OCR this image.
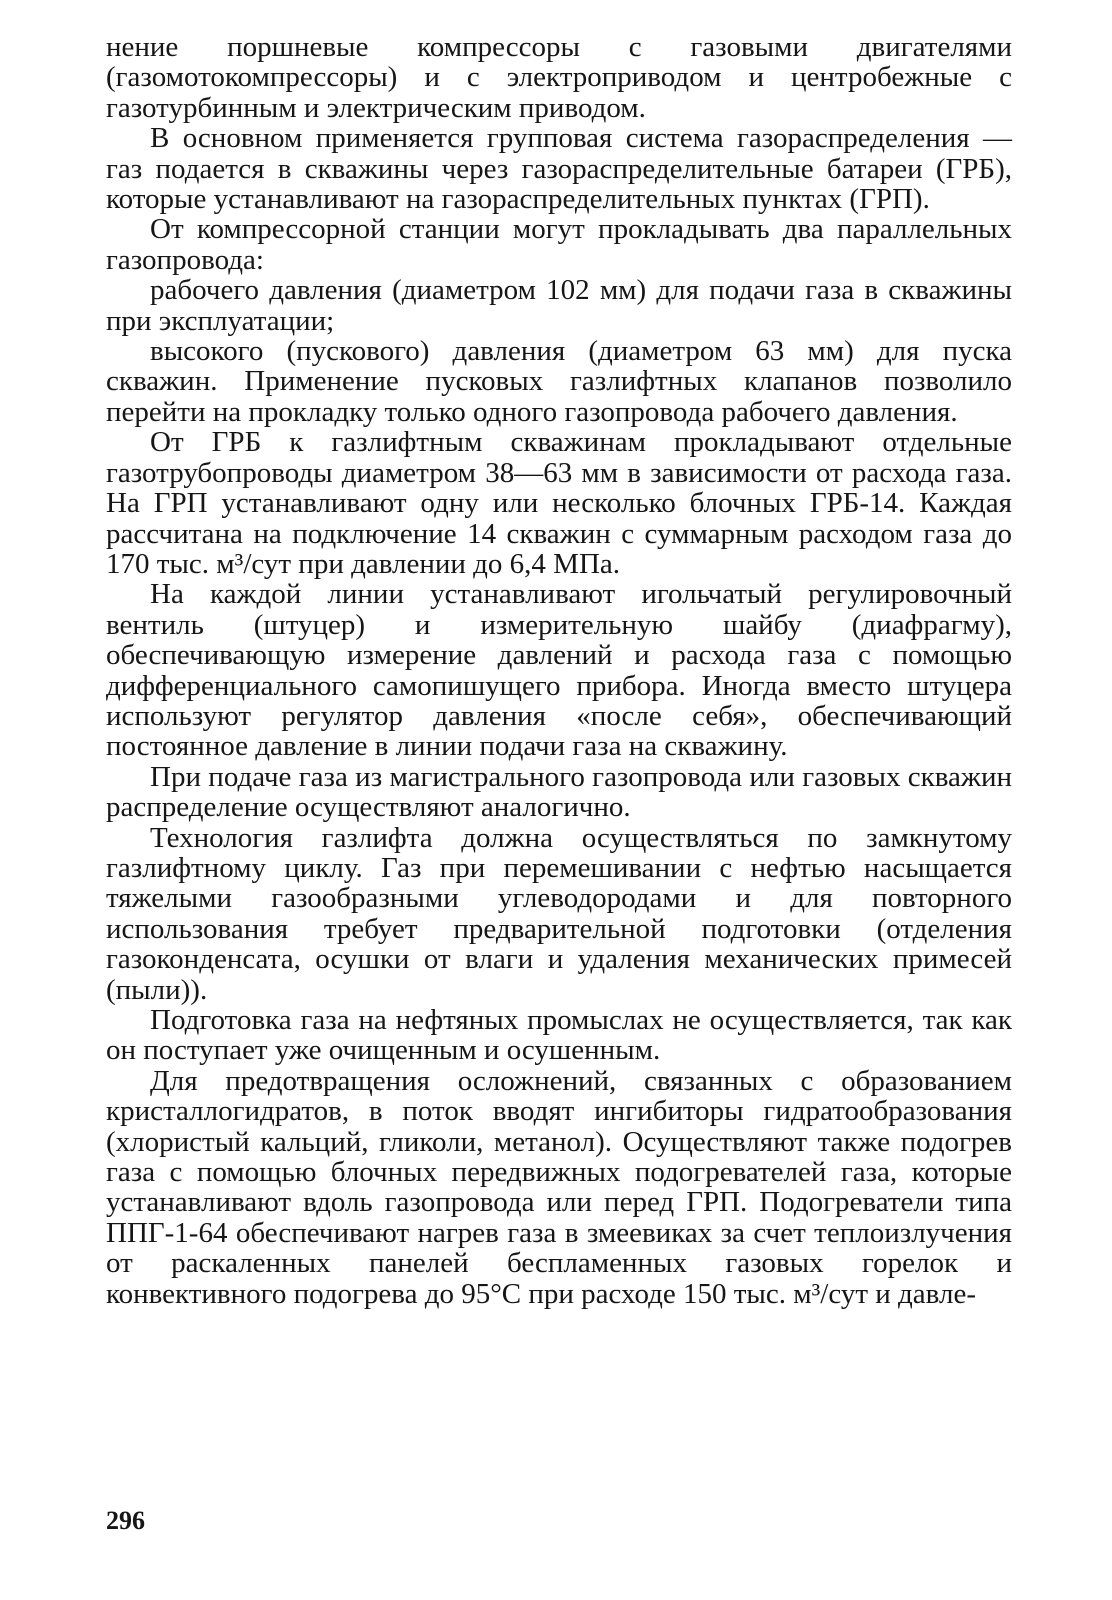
нение поршневые компрессоры с газовыми двигателями (газомотокомпрессоры) и с электроприводом и центробежные с газотурбинным и электрическим приводом.

В основном применяется групповая система газораспределения — газ подается в скважины через газораспределительные батареи (ГРБ), которые устанавливают на газораспределительных пунктах (ГРП).

От компрессорной станции могут прокладывать два параллельных газопровода:

рабочего давления (диаметром 102 мм) для подачи газа в скважины при эксплуатации;

высокого (пускового) давления (диаметром 63 мм) для пуска скважин. Применение пусковых газлифтных клапанов позволило перейти на прокладку только одного газопровода рабочего давления.

От ГРБ к газлифтным скважинам прокладывают отдельные газотрубопроводы диаметром 38—63 мм в зависимости от расхода газа. На ГРП устанавливают одну или несколько блочных ГРБ-14. Каждая рассчитана на подключение 14 скважин с суммарным расходом газа до 170 тыс. м³/сут при давлении до 6,4 МПа.

На каждой линии устанавливают игольчатый регулировочный вентиль (штуцер) и измерительную шайбу (диафрагму), обеспечивающую измерение давлений и расхода газа с помощью дифференциального самопишущего прибора. Иногда вместо штуцера используют регулятор давления «после себя», обеспечивающий постоянное давление в линии подачи газа на скважину.

При подаче газа из магистрального газопровода или газовых скважин распределение осуществляют аналогично.

Технология газлифта должна осуществляться по замкнутому газлифтному циклу. Газ при перемешивании с нефтью насыщается тяжелыми газообразными углеводородами и для повторного использования требует предварительной подготовки (отделения газоконденсата, осушки от влаги и удаления механических примесей (пыли)).

Подготовка газа на нефтяных промыслах не осуществляется, так как он поступает уже очищенным и осушенным.

Для предотвращения осложнений, связанных с образованием кристаллогидратов, в поток вводят ингибиторы гидратообразования (хлористый кальций, гликоли, метанол). Осуществляют также подогрев газа с помощью блочных передвижных подогревателей газа, которые устанавливают вдоль газопровода или перед ГРП. Подогреватели типа ППГ-1-64 обеспечивают нагрев газа в змеевиках за счет теплоизлучения от раскаленных панелей беспламенных газовых горелок и конвективного подогрева до 95°С при расходе 150 тыс. м³/сут и давле-

296
